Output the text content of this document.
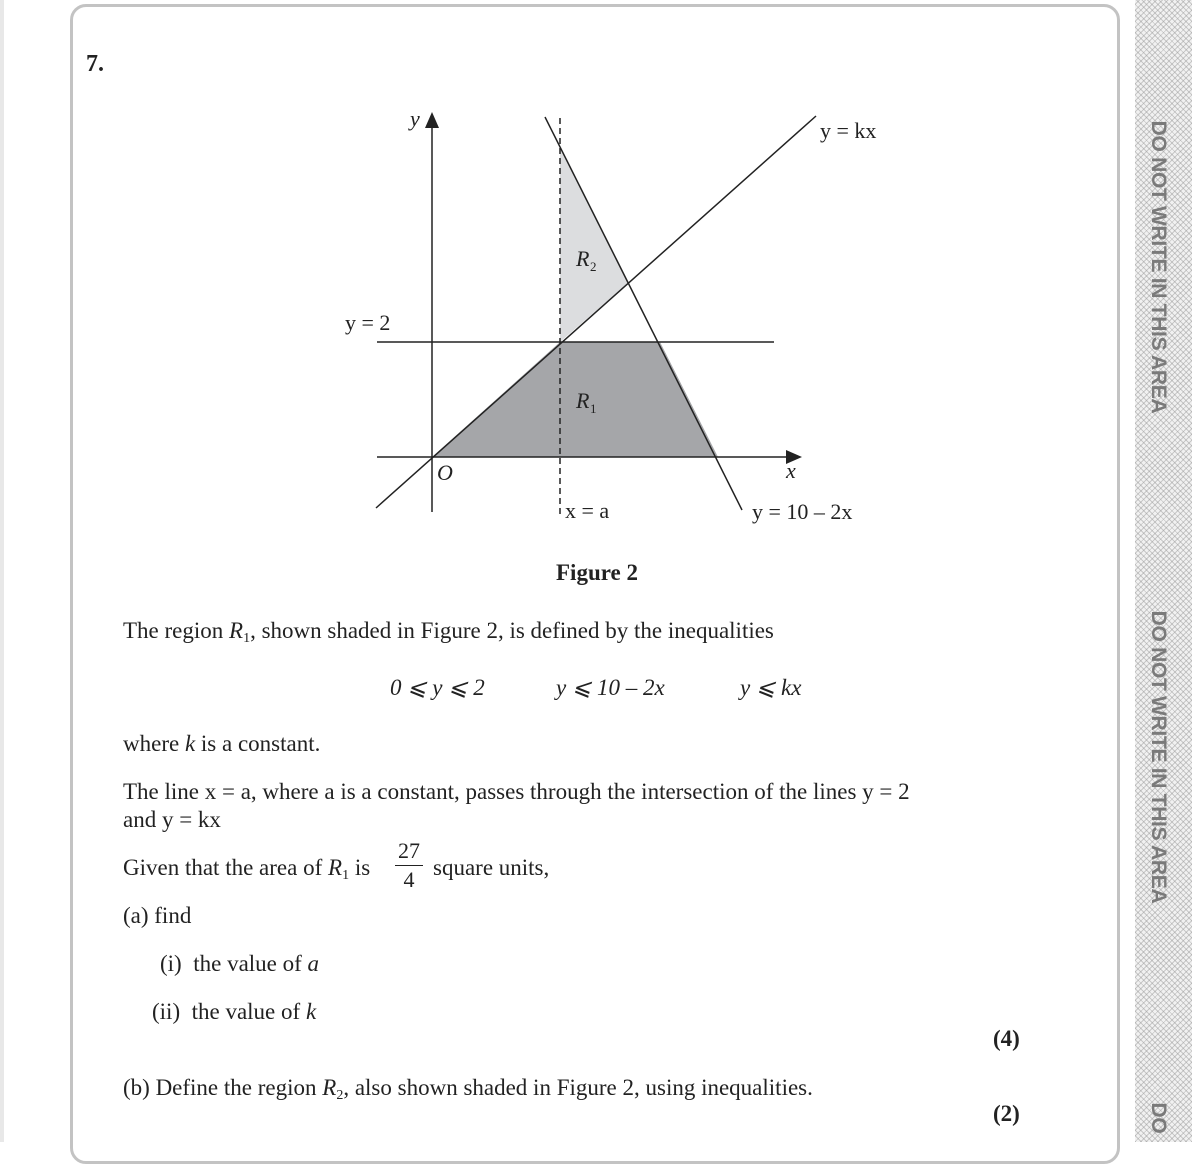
DO NOT WRITE IN THIS AREA
DO NOT WRITE IN THIS AREA
DO
7.
y
x
O
y = 2
y = kx
y = 10 – 2x
x = a
R 2
R 1
Figure 2
The region $R_1$, shown shaded in Figure 2, is defined by the inequalities
0 ⩽ y ⩽ 2	y ⩽ 10 – 2x	y ⩽ kx
where k is a constant.
The line x = a, where a is a constant, passes through the intersection of the lines y = 2
and y = kx
Given that the area of $R_1$ is
27
4 square units,
(a) find
(i) the value of a
(ii) the value of k
(4)
(b) Define the region $R_2$, also shown shaded in Figure 2, using inequalities.
(2)
